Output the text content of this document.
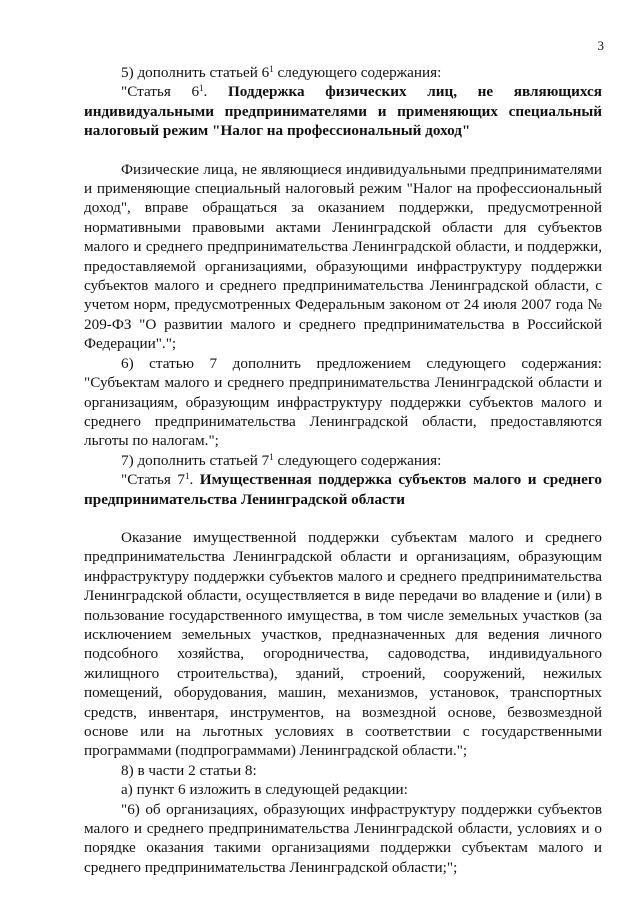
3

5) дополнить статьей $6^1$ следующего содержания:

"Статья $6^1$. Поддержка физических лиц, не являющихся индивидуальными предпринимателями и применяющих специальный налоговый режим "Налог на профессиональный доход"

Физические лица, не являющиеся индивидуальными предпринимателями и применяющие специальный налоговый режим "Налог на профессиональный доход", вправе обращаться за оказанием поддержки, предусмотренной нормативными правовыми актами Ленинградской области для субъектов малого и среднего предпринимательства Ленинградской области, и поддержки, предоставляемой организациями, образующими инфраструктуру поддержки субъектов малого и среднего предпринимательства Ленинградской области, с учетом норм, предусмотренных Федеральным законом от 24 июля 2007 года № 209-ФЗ "О развитии малого и среднего предпринимательства в Российской Федерации".";

6) статью 7 дополнить предложением следующего содержания: "Субъектам малого и среднего предпринимательства Ленинградской области и организациям, образующим инфраструктуру поддержки субъектов малого и среднего предпринимательства Ленинградской области, предоставляются льготы по налогам.";

7) дополнить статьей $7^1$ следующего содержания:

"Статья $7^1$. Имущественная поддержка субъектов малого и среднего предпринимательства Ленинградской области

Оказание имущественной поддержки субъектам малого и среднего предпринимательства Ленинградской области и организациям, образующим инфраструктуру поддержки субъектов малого и среднего предпринимательства Ленинградской области, осуществляется в виде передачи во владение и (или) в пользование государственного имущества, в том числе земельных участков (за исключением земельных участков, предназначенных для ведения личного подсобного хозяйства, огородничества, садоводства, индивидуального жилищного строительства), зданий, строений, сооружений, нежилых помещений, оборудования, машин, механизмов, установок, транспортных средств, инвентаря, инструментов, на возмездной основе, безвозмездной основе или на льготных условиях в соответствии с государственными программами (подпрограммами) Ленинградской области.";

8) в части 2 статьи 8:

а) пункт 6 изложить в следующей редакции:

"6) об организациях, образующих инфраструктуру поддержки субъектов малого и среднего предпринимательства Ленинградской области, условиях и о порядке оказания такими организациями поддержки субъектам малого и среднего предпринимательства Ленинградской области;";
